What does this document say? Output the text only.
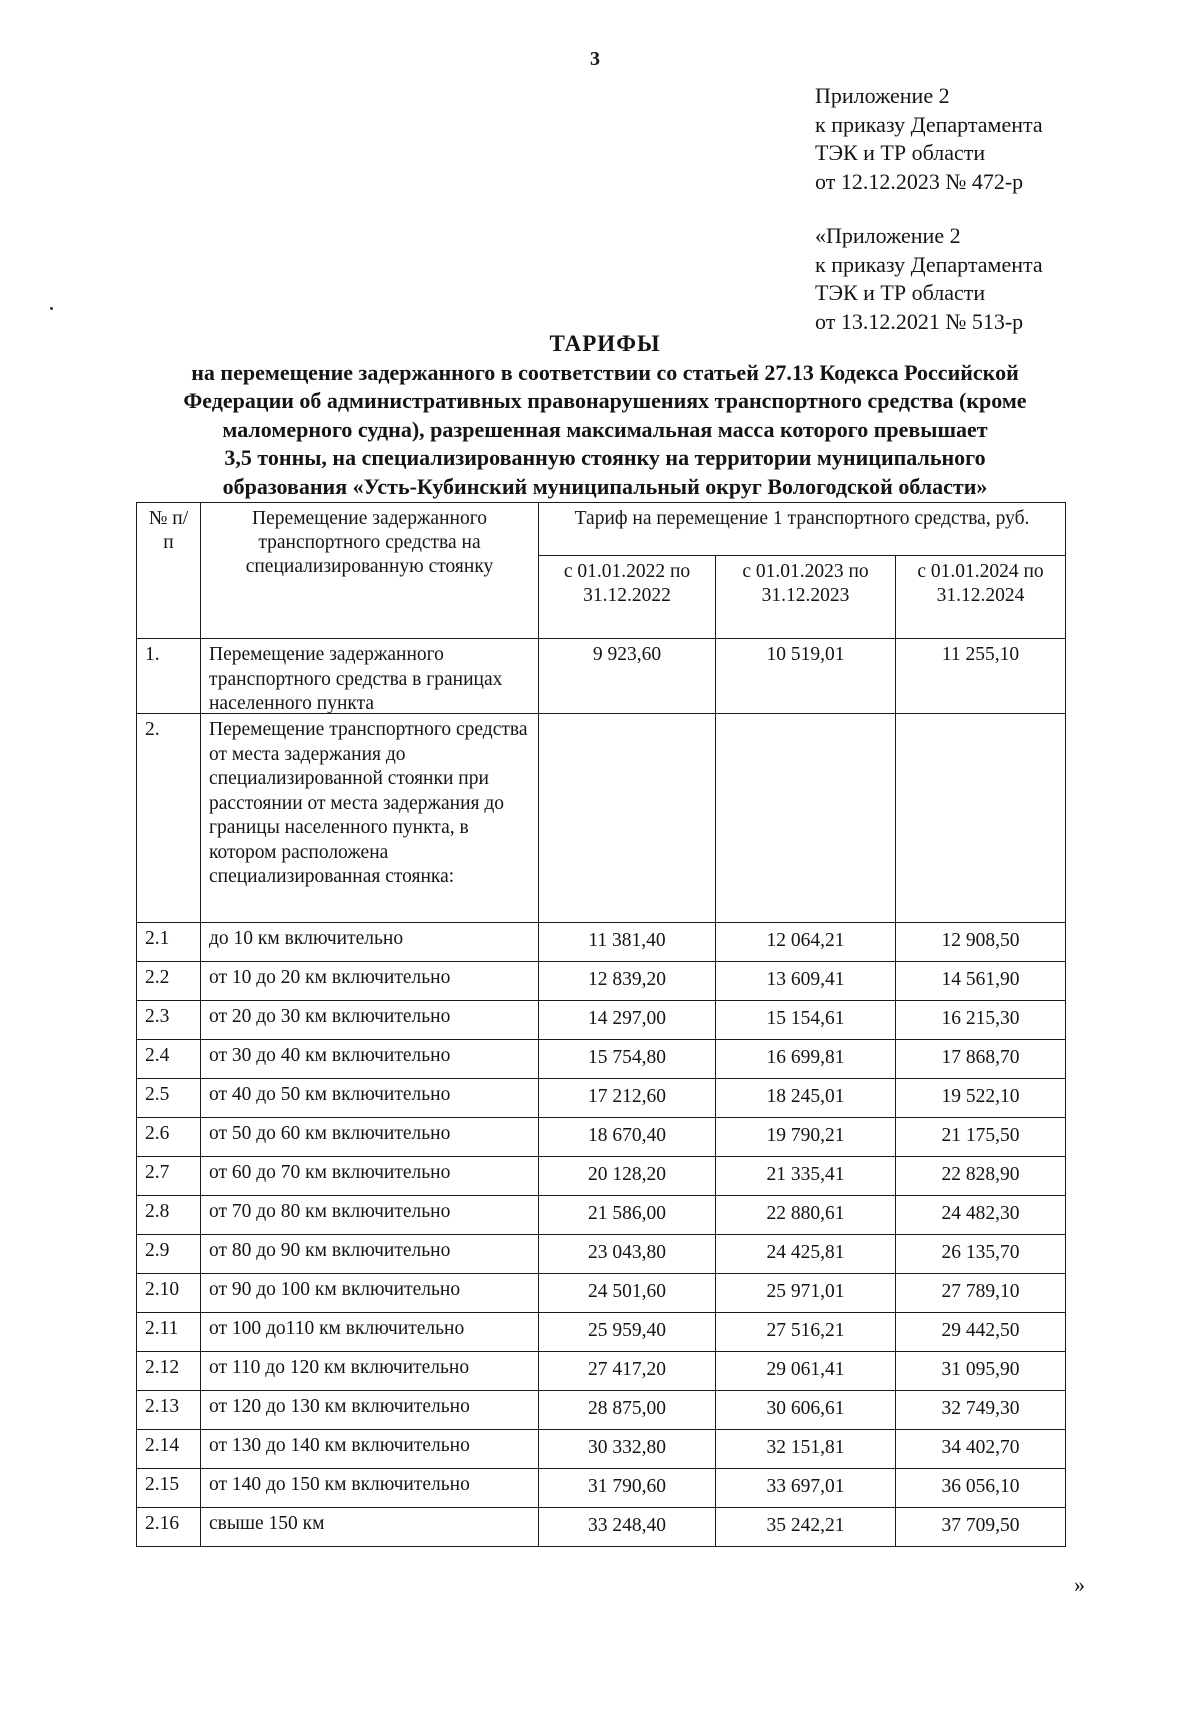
3
Приложение 2
к приказу Департамента
ТЭК и ТР области
от 12.12.2023 № 472-р
«Приложение 2
к приказу Департамента
ТЭК и ТР области
от 13.12.2021 № 513-р
ТАРИФЫ
на перемещение задержанного в соответствии со статьей 27.13 Кодекса Российской
Федерации об административных правонарушениях транспортного средства (кроме
маломерного судна), разрешенная максимальная масса которого превышает
3,5 тонны, на специализированную стоянку на территории муниципального
образования «Усть-Кубинский муниципальный округ Вологодской области»
№ п/п	Перемещение задержанного транспортного средства на специализированную стоянку	Тариф на перемещение 1 транспортного средства, руб.		
		с 01.01.2022 по 31.12.2022	с 01.01.2023 по 31.12.2023	с 01.01.2024 по 31.12.2024
1.	Перемещение задержанного транспортного средства в границах населенного пункта	9 923,60	10 519,01	11 255,10
2.	Перемещение транспортного средства от места задержания до специализированной стоянки при расстоянии от места задержания до границы населенного пункта, в котором расположена специализированная стоянка:			

2.1	до 10 км включительно	11 381,40	12 064,21	12 908,50
2.2	от 10 до 20 км включительно	12 839,20	13 609,41	14 561,90
2.3	от 20 до 30 км включительно	14 297,00	15 154,61	16 215,30
2.4	от 30 до 40 км включительно	15 754,80	16 699,81	17 868,70
2.5	от 40 до 50 км включительно	17 212,60	18 245,01	19 522,10
2.6	от 50 до 60 км включительно	18 670,40	19 790,21	21 175,50
2.7	от 60 до 70 км включительно	20 128,20	21 335,41	22 828,90
2.8	от 70 до 80 км включительно	21 586,00	22 880,61	24 482,30
2.9	от 80 до 90 км включительно	23 043,80	24 425,81	26 135,70
2.10	от 90 до 100 км включительно	24 501,60	25 971,01	27 789,10
2.11	от 100 до110 км включительно	25 959,40	27 516,21	29 442,50
2.12	от 110 до 120 км включительно	27 417,20	29 061,41	31 095,90
2.13	от 120 до 130 км включительно	28 875,00	30 606,61	32 749,30
2.14	от 130 до 140 км включительно	30 332,80	32 151,81	34 402,70
2.15	от 140 до 150 км включительно	31 790,60	33 697,01	36 056,10
2.16	свыше 150 км	33 248,40	35 242,21	37 709,50
»
